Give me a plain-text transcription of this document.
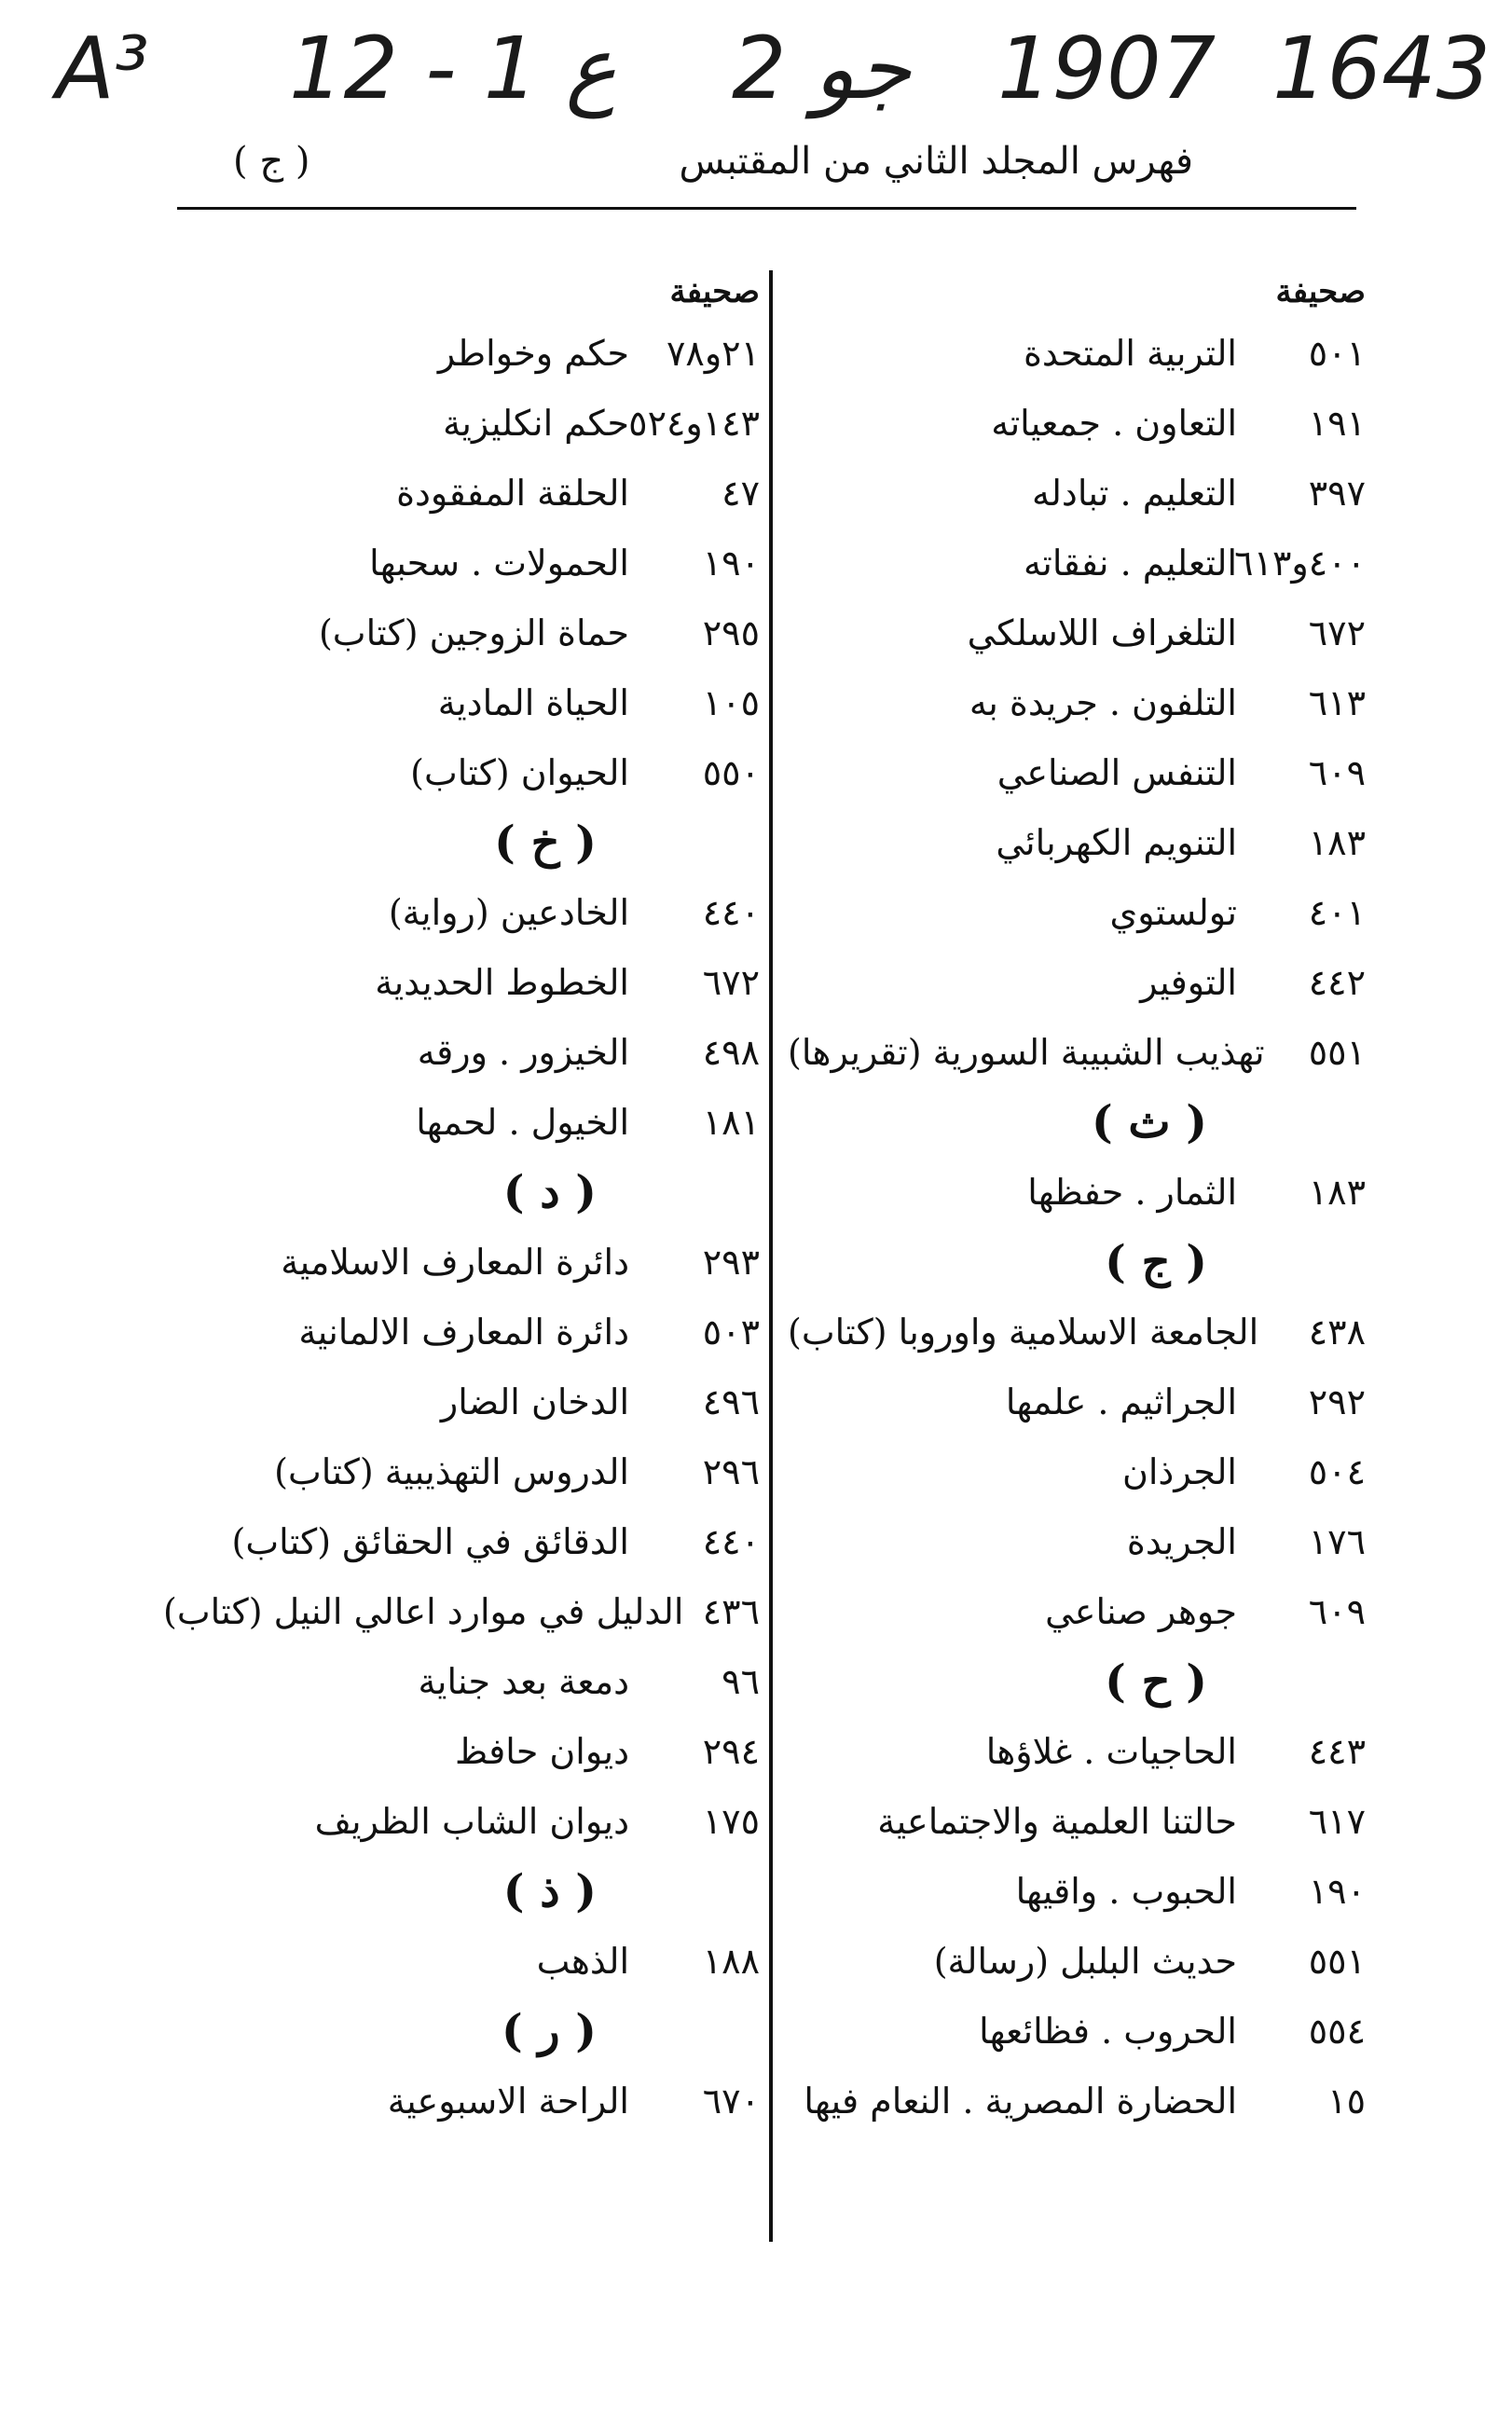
A³ 12 - 1 ع 2 جو 1907 1643
فهرس المجلد الثاني من المقتبس
( ج )
صحيفة
٥٠١
التربية المتحدة
١٩١
التعاون . جمعياته
٣٩٧
التعليم . تبادله
٤٠٠و٦١٣
التعليم . نفقاته
٦٧٢
التلغراف اللاسلكي
٦١٣
التلفون . جريدة به
٦٠٩
التنفس الصناعي
١٨٣
التنويم الكهربائي
٤٠١
تولستوي
٤٤٢
التوفير
٥٥١
تهذيب الشبيبة السورية (تقريرها)
( ث )
١٨٣
الثمار . حفظها
( ج )
٤٣٨
الجامعة الاسلامية واوروبا (كتاب)
٢٩٢
الجراثيم . علمها
٥٠٤
الجرذان
١٧٦
الجريدة
٦٠٩
جوهر صناعي
( ح )
٤٤٣
الحاجيات . غلاؤها
٦١٧
حالتنا العلمية والاجتماعية
١٩٠
الحبوب . واقيها
٥٥١
حديث البلبل (رسالة)
٥٥٤
الحروب . فظائعها
١٥
الحضارة المصرية . النعام فيها
صحيفة
٢١و٧٨
حكم وخواطر
١٤٣و٥٢٤
حكم انكليزية
٤٧
الحلقة المفقودة
١٩٠
الحمولات . سحبها
٢٩٥
حماة الزوجين (كتاب)
١٠٥
الحياة المادية
٥٥٠
الحيوان (كتاب)
( خ )
٤٤٠
الخادعين (رواية)
٦٧٢
الخطوط الحديدية
٤٩٨
الخيزور . ورقه
١٨١
الخيول . لحمها
( د )
٢٩٣
دائرة المعارف الاسلامية
٥٠٣
دائرة المعارف الالمانية
٤٩٦
الدخان الضار
٢٩٦
الدروس التهذيبية (كتاب)
٤٤٠
الدقائق في الحقائق (كتاب)
٤٣٦
الدليل في موارد اعالي النيل (كتاب)
٩٦
دمعة بعد جناية
٢٩٤
ديوان حافظ
١٧٥
ديوان الشاب الظريف
( ذ )
١٨٨
الذهب
( ر )
٦٧٠
الراحة الاسبوعية
